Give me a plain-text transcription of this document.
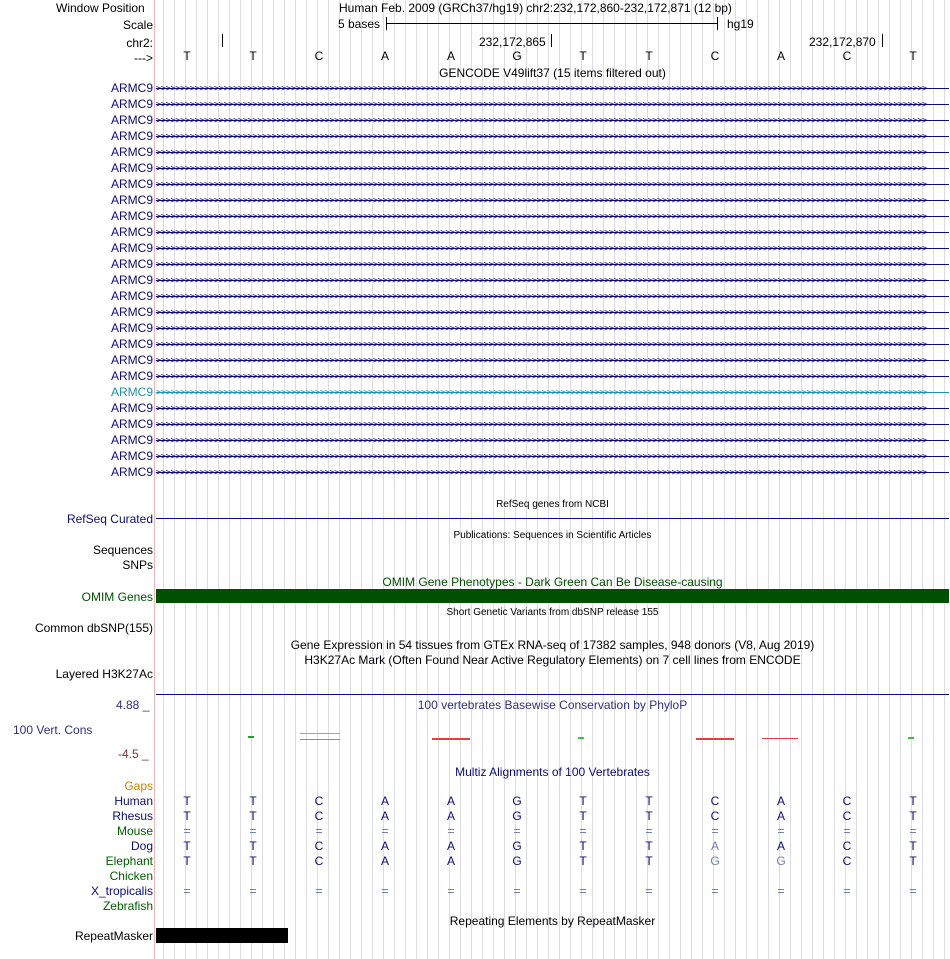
Window Position	Human Feb. 2009 (GRCh37/hg19) chr2:232,172,860-232,172,871 (12 bp)
Scale	5 bases	hg19
chr2:	232,172,865	232,172,870
--->	T	T	C	A	A	G	T	T	C	A	C	T
GENCODE V49lift37 (15 items filtered out)
ARMC9 >>>>>>>>>>>>>>>>>>>>>>>>>>>>>>>>>>>>>>>>>>>>>>>>>>>>>>>>>>>>>>>>>>>>>>>>>>>>>>>>>>>>>>>>>>>>>>>>>>>>>>>>>>>>>>>>>>>>>>>>>>>>>>>>>>>>>>>>>>>>>>>>>>>>>>>>>>>>>>>>
ARMC9 >>>>>>>>>>>>>>>>>>>>>>>>>>>>>>>>>>>>>>>>>>>>>>>>>>>>>>>>>>>>>>>>>>>>>>>>>>>>>>>>>>>>>>>>>>>>>>>>>>>>>>>>>>>>>>>>>>>>>>>>>>>>>>>>>>>>>>>>>>>>>>>>>>>>>>>>>>>>>>>>
ARMC9 >>>>>>>>>>>>>>>>>>>>>>>>>>>>>>>>>>>>>>>>>>>>>>>>>>>>>>>>>>>>>>>>>>>>>>>>>>>>>>>>>>>>>>>>>>>>>>>>>>>>>>>>>>>>>>>>>>>>>>>>>>>>>>>>>>>>>>>>>>>>>>>>>>>>>>>>>>>>>>>>
ARMC9 >>>>>>>>>>>>>>>>>>>>>>>>>>>>>>>>>>>>>>>>>>>>>>>>>>>>>>>>>>>>>>>>>>>>>>>>>>>>>>>>>>>>>>>>>>>>>>>>>>>>>>>>>>>>>>>>>>>>>>>>>>>>>>>>>>>>>>>>>>>>>>>>>>>>>>>>>>>>>>>>
ARMC9 >>>>>>>>>>>>>>>>>>>>>>>>>>>>>>>>>>>>>>>>>>>>>>>>>>>>>>>>>>>>>>>>>>>>>>>>>>>>>>>>>>>>>>>>>>>>>>>>>>>>>>>>>>>>>>>>>>>>>>>>>>>>>>>>>>>>>>>>>>>>>>>>>>>>>>>>>>>>>>>>
ARMC9 >>>>>>>>>>>>>>>>>>>>>>>>>>>>>>>>>>>>>>>>>>>>>>>>>>>>>>>>>>>>>>>>>>>>>>>>>>>>>>>>>>>>>>>>>>>>>>>>>>>>>>>>>>>>>>>>>>>>>>>>>>>>>>>>>>>>>>>>>>>>>>>>>>>>>>>>>>>>>>>>
ARMC9 >>>>>>>>>>>>>>>>>>>>>>>>>>>>>>>>>>>>>>>>>>>>>>>>>>>>>>>>>>>>>>>>>>>>>>>>>>>>>>>>>>>>>>>>>>>>>>>>>>>>>>>>>>>>>>>>>>>>>>>>>>>>>>>>>>>>>>>>>>>>>>>>>>>>>>>>>>>>>>>>
ARMC9 >>>>>>>>>>>>>>>>>>>>>>>>>>>>>>>>>>>>>>>>>>>>>>>>>>>>>>>>>>>>>>>>>>>>>>>>>>>>>>>>>>>>>>>>>>>>>>>>>>>>>>>>>>>>>>>>>>>>>>>>>>>>>>>>>>>>>>>>>>>>>>>>>>>>>>>>>>>>>>>>
ARMC9 >>>>>>>>>>>>>>>>>>>>>>>>>>>>>>>>>>>>>>>>>>>>>>>>>>>>>>>>>>>>>>>>>>>>>>>>>>>>>>>>>>>>>>>>>>>>>>>>>>>>>>>>>>>>>>>>>>>>>>>>>>>>>>>>>>>>>>>>>>>>>>>>>>>>>>>>>>>>>>>>
ARMC9 >>>>>>>>>>>>>>>>>>>>>>>>>>>>>>>>>>>>>>>>>>>>>>>>>>>>>>>>>>>>>>>>>>>>>>>>>>>>>>>>>>>>>>>>>>>>>>>>>>>>>>>>>>>>>>>>>>>>>>>>>>>>>>>>>>>>>>>>>>>>>>>>>>>>>>>>>>>>>>>>
ARMC9 >>>>>>>>>>>>>>>>>>>>>>>>>>>>>>>>>>>>>>>>>>>>>>>>>>>>>>>>>>>>>>>>>>>>>>>>>>>>>>>>>>>>>>>>>>>>>>>>>>>>>>>>>>>>>>>>>>>>>>>>>>>>>>>>>>>>>>>>>>>>>>>>>>>>>>>>>>>>>>>>
ARMC9 >>>>>>>>>>>>>>>>>>>>>>>>>>>>>>>>>>>>>>>>>>>>>>>>>>>>>>>>>>>>>>>>>>>>>>>>>>>>>>>>>>>>>>>>>>>>>>>>>>>>>>>>>>>>>>>>>>>>>>>>>>>>>>>>>>>>>>>>>>>>>>>>>>>>>>>>>>>>>>>>
ARMC9 >>>>>>>>>>>>>>>>>>>>>>>>>>>>>>>>>>>>>>>>>>>>>>>>>>>>>>>>>>>>>>>>>>>>>>>>>>>>>>>>>>>>>>>>>>>>>>>>>>>>>>>>>>>>>>>>>>>>>>>>>>>>>>>>>>>>>>>>>>>>>>>>>>>>>>>>>>>>>>>>
ARMC9 >>>>>>>>>>>>>>>>>>>>>>>>>>>>>>>>>>>>>>>>>>>>>>>>>>>>>>>>>>>>>>>>>>>>>>>>>>>>>>>>>>>>>>>>>>>>>>>>>>>>>>>>>>>>>>>>>>>>>>>>>>>>>>>>>>>>>>>>>>>>>>>>>>>>>>>>>>>>>>>>
ARMC9 >>>>>>>>>>>>>>>>>>>>>>>>>>>>>>>>>>>>>>>>>>>>>>>>>>>>>>>>>>>>>>>>>>>>>>>>>>>>>>>>>>>>>>>>>>>>>>>>>>>>>>>>>>>>>>>>>>>>>>>>>>>>>>>>>>>>>>>>>>>>>>>>>>>>>>>>>>>>>>>>
ARMC9 >>>>>>>>>>>>>>>>>>>>>>>>>>>>>>>>>>>>>>>>>>>>>>>>>>>>>>>>>>>>>>>>>>>>>>>>>>>>>>>>>>>>>>>>>>>>>>>>>>>>>>>>>>>>>>>>>>>>>>>>>>>>>>>>>>>>>>>>>>>>>>>>>>>>>>>>>>>>>>>>
ARMC9 >>>>>>>>>>>>>>>>>>>>>>>>>>>>>>>>>>>>>>>>>>>>>>>>>>>>>>>>>>>>>>>>>>>>>>>>>>>>>>>>>>>>>>>>>>>>>>>>>>>>>>>>>>>>>>>>>>>>>>>>>>>>>>>>>>>>>>>>>>>>>>>>>>>>>>>>>>>>>>>>
ARMC9 >>>>>>>>>>>>>>>>>>>>>>>>>>>>>>>>>>>>>>>>>>>>>>>>>>>>>>>>>>>>>>>>>>>>>>>>>>>>>>>>>>>>>>>>>>>>>>>>>>>>>>>>>>>>>>>>>>>>>>>>>>>>>>>>>>>>>>>>>>>>>>>>>>>>>>>>>>>>>>>>
ARMC9 >>>>>>>>>>>>>>>>>>>>>>>>>>>>>>>>>>>>>>>>>>>>>>>>>>>>>>>>>>>>>>>>>>>>>>>>>>>>>>>>>>>>>>>>>>>>>>>>>>>>>>>>>>>>>>>>>>>>>>>>>>>>>>>>>>>>>>>>>>>>>>>>>>>>>>>>>>>>>>>>
ARMC9 >>>>>>>>>>>>>>>>>>>>>>>>>>>>>>>>>>>>>>>>>>>>>>>>>>>>>>>>>>>>>>>>>>>>>>>>>>>>>>>>>>>>>>>>>>>>>>>>>>>>>>>>>>>>>>>>>>>>>>>>>>>>>>>>>>>>>>>>>>>>>>>>>>>>>>>>>>>>>>>>
ARMC9 >>>>>>>>>>>>>>>>>>>>>>>>>>>>>>>>>>>>>>>>>>>>>>>>>>>>>>>>>>>>>>>>>>>>>>>>>>>>>>>>>>>>>>>>>>>>>>>>>>>>>>>>>>>>>>>>>>>>>>>>>>>>>>>>>>>>>>>>>>>>>>>>>>>>>>>>>>>>>>>>
ARMC9 >>>>>>>>>>>>>>>>>>>>>>>>>>>>>>>>>>>>>>>>>>>>>>>>>>>>>>>>>>>>>>>>>>>>>>>>>>>>>>>>>>>>>>>>>>>>>>>>>>>>>>>>>>>>>>>>>>>>>>>>>>>>>>>>>>>>>>>>>>>>>>>>>>>>>>>>>>>>>>>>
ARMC9 >>>>>>>>>>>>>>>>>>>>>>>>>>>>>>>>>>>>>>>>>>>>>>>>>>>>>>>>>>>>>>>>>>>>>>>>>>>>>>>>>>>>>>>>>>>>>>>>>>>>>>>>>>>>>>>>>>>>>>>>>>>>>>>>>>>>>>>>>>>>>>>>>>>>>>>>>>>>>>>>
ARMC9 >>>>>>>>>>>>>>>>>>>>>>>>>>>>>>>>>>>>>>>>>>>>>>>>>>>>>>>>>>>>>>>>>>>>>>>>>>>>>>>>>>>>>>>>>>>>>>>>>>>>>>>>>>>>>>>>>>>>>>>>>>>>>>>>>>>>>>>>>>>>>>>>>>>>>>>>>>>>>>>>
ARMC9 >>>>>>>>>>>>>>>>>>>>>>>>>>>>>>>>>>>>>>>>>>>>>>>>>>>>>>>>>>>>>>>>>>>>>>>>>>>>>>>>>>>>>>>>>>>>>>>>>>>>>>>>>>>>>>>>>>>>>>>>>>>>>>>>>>>>>>>>>>>>>>>>>>>>>>>>>>>>>>>>
RefSeq genes from NCBI
RefSeq Curated
Publications: Sequences in Scientific Articles
Sequences
SNPs
OMIM Gene Phenotypes - Dark Green Can Be Disease-causing
OMIM Genes
Short Genetic Variants from dbSNP release 155
Common dbSNP(155)
Gene Expression in 54 tissues from GTEx RNA-seq of 17382 samples, 948 donors (V8, Aug 2019)
H3K27Ac Mark (Often Found Near Active Regulatory Elements) on 7 cell lines from ENCODE
Layered H3K27Ac
100 vertebrates Basewise Conservation by PhyloP
4.88 _
100 Vert. Cons
-4.5 _
Multiz Alignments of 100 Vertebrates
Gaps
Human	T	T	C	A	A	G	T	T	C	A	C	T
Rhesus	T	T	C	A	A	G	T	T	C	A	C	T
Mouse	=	=	=	=	=	=	=	=	=	=	=	=
Dog	T	T	C	A	A	G	T	T	A	A	C	T
Elephant	T	T	C	A	A	G	T	T	G	G	C	T
Chicken
X_tropicalis	=	=	=	=	=	=	=	=	=	=	=	=
Zebrafish
Repeating Elements by RepeatMasker
RepeatMasker
